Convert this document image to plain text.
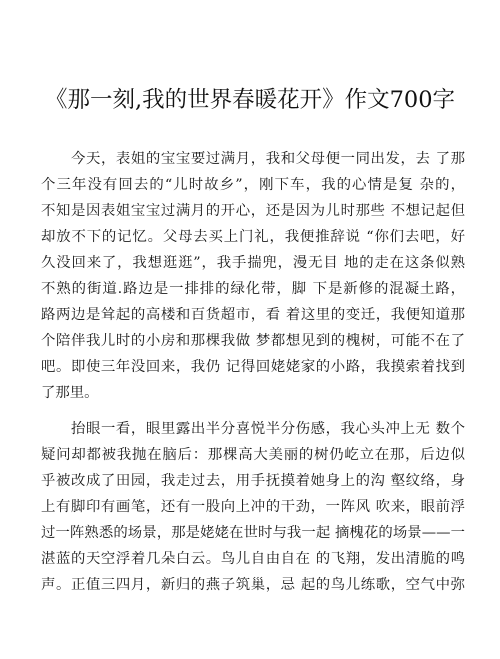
《那一刻,我的世界春暖花开》作文700字

今天，表姐的宝宝要过满月，我和父母便一同出发，去 了那
个三年没有回去的“儿时故乡”，刚下车，我的心情是复 杂的，
不知是因表姐宝宝过满月的开心，还是因为儿时那些 不想记起但
却放不下的记忆。父母去买上门礼，我便推辞说 “你们去吧，好
久没回来了，我想逛逛”，我手揣兜，漫无目 地的走在这条似熟
不熟的街道.路边是一排排的绿化带，脚 下是新修的混凝土路，
路两边是耸起的高楼和百货超市，看 着这里的变迁，我便知道那
个陪伴我儿时的小房和那棵我做 梦都想见到的槐树，可能不在了
吧。即使三年没回来，我仍 记得回姥姥家的小路，我摸索着找到
了那里。

抬眼一看，眼里露出半分喜悦半分伤感，我心头冲上无 数个
疑问却都被我抛在脑后：那棵高大美丽的树仍屹立在那，后边似
乎被改成了田园，我走过去，用手抚摸着她身上的沟 壑纹络，身
上有脚印有画笔，还有一股向上冲的干劲，一阵风 吹来，眼前浮
过一阵熟悉的场景，那是姥姥在世时与我一起 摘槐花的场景——一
湛蓝的天空浮着几朵白云。鸟儿自由自在 的飞翔，发出清脆的鸣
声。正值三四月，新归的燕子筑巢，忌 起的鸟儿练歌，空气中弥
